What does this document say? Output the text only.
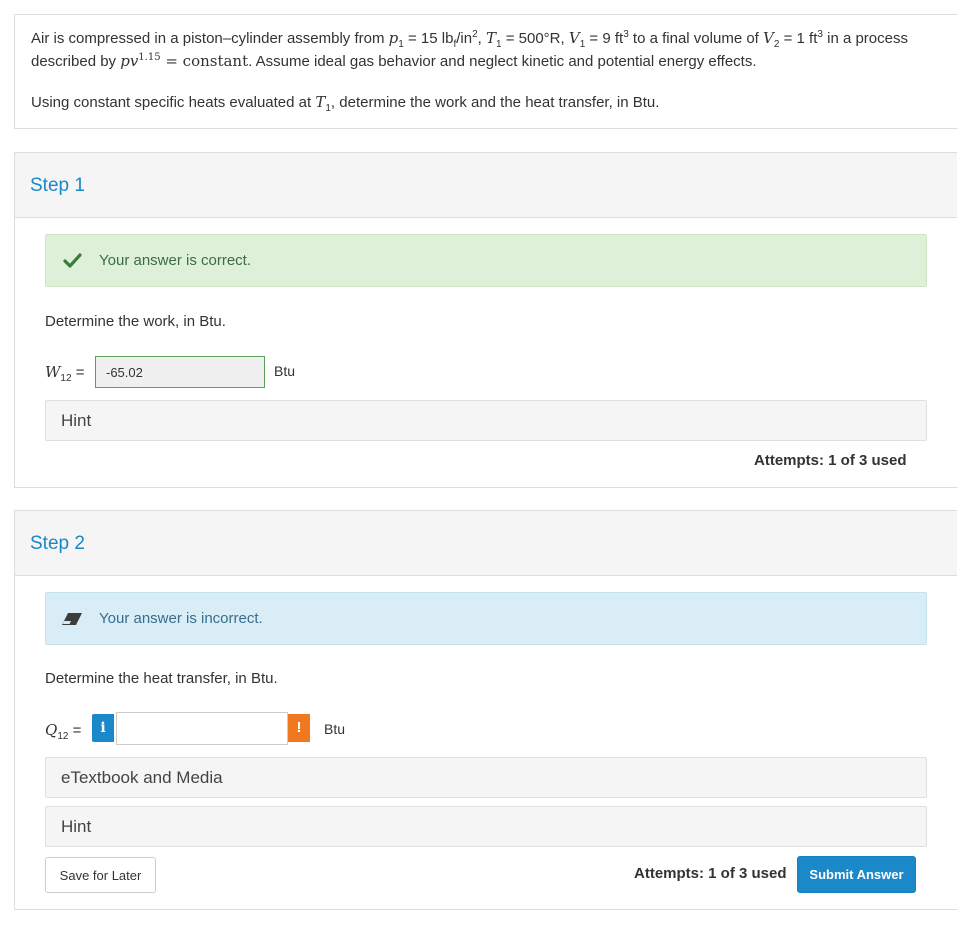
Air is compressed in a piston–cylinder assembly from $p_1 = 15$ $lb_f/in^2$, $T_1 = 500^\circ R$, $V_1 = 9$ $ft^3$ to a final volume of $V_2 = 1$ $ft^3$ in a process described by $pv^{1.15}$ = constant. Assume ideal gas behavior and neglect kinetic and potential energy effects.
Using constant specific heats evaluated at $T_1$, determine the work and the heat transfer, in Btu.
Step 1
Your answer is correct.
Determine the work, in Btu.
$W_{12}$ =	-65.02	Btu
Hint
Attempts: 1 of 3 used
Step 2
Your answer is incorrect.
Determine the heat transfer, in Btu.
$Q_{12}$ =	i	!	Btu
eTextbook and Media
Hint
Save for Later	Attempts: 1 of 3 used	Submit Answer
